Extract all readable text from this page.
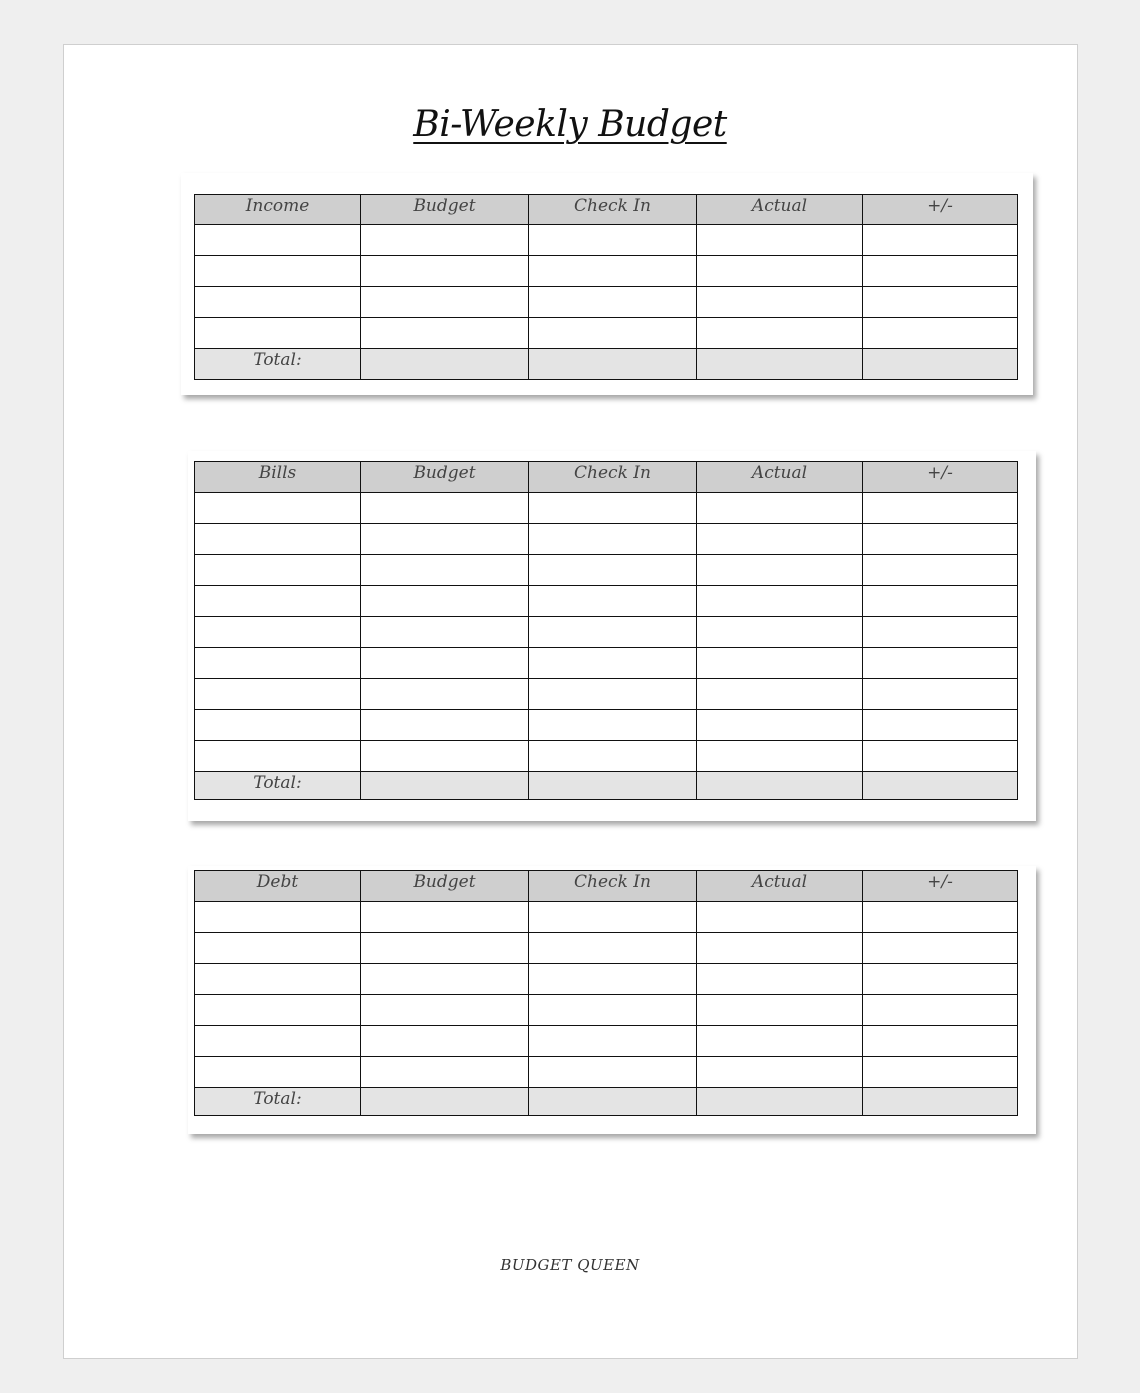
Bi-Weekly Budget
Income	Budget	Check In	Actual	+/-

Total:				
Bills	Budget	Check In	Actual	+/-

Total:				
Debt	Budget	Check In	Actual	+/-

Total:				
BUDGET QUEEN
